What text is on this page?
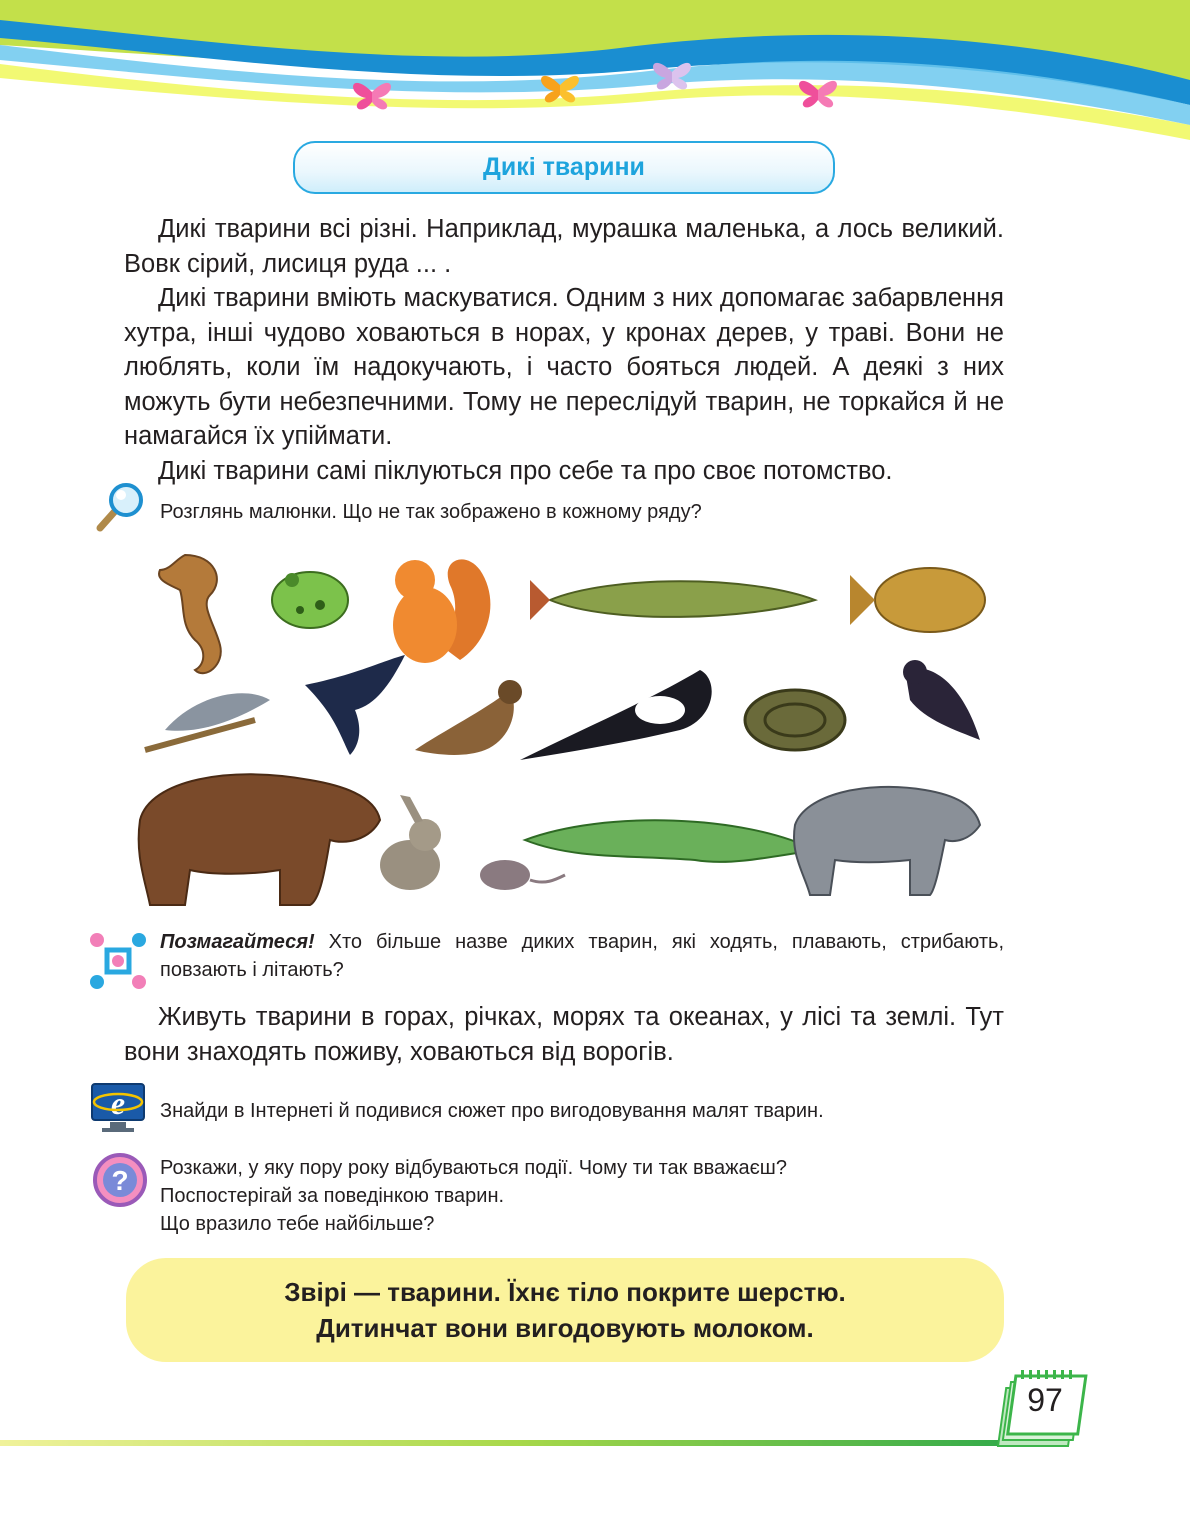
Дикі тварини

Дикі тварини всі різні. Наприклад, мурашка маленька, а лось великий. Вовк сірий, лисиця руда ... .

Дикі тварини вміють маскуватися. Одним з них допомагає забарвлення хутра, інші чудово ховаються в норах, у кронах дерев, у траві. Вони не люблять, коли їм надокучають, і часто бояться людей. А деякі з них можуть бути небезпечними. Тому не переслідуй тварин, не торкайся й не намагайся їх упіймати.

Дикі тварини самі піклуються про себе та про своє потомство.

Розглянь малюнки. Що не так зображено в кожному ряду?
Позмагайтеся! Хто більше назве диких тварин, які ходять, плавають, стрибають, повзають і літають?

Живуть тварини в горах, річках, морях та океанах, у лісі та землі. Тут вони знаходять поживу, ховаються від ворогів.

e Знайди в Інтернеті й подивися сюжет про вигодовування малят тварин.
? Розкажи, у яку пору року відбуваються події. Чому ти так вважаєш?
Поспостерігай за поведінкою тварин.
Що вразило тебе найбільше?
Звірі — тварини. Їхнє тіло покрите шерстю.
Дитинчат вони вигодовують молоком.
97
